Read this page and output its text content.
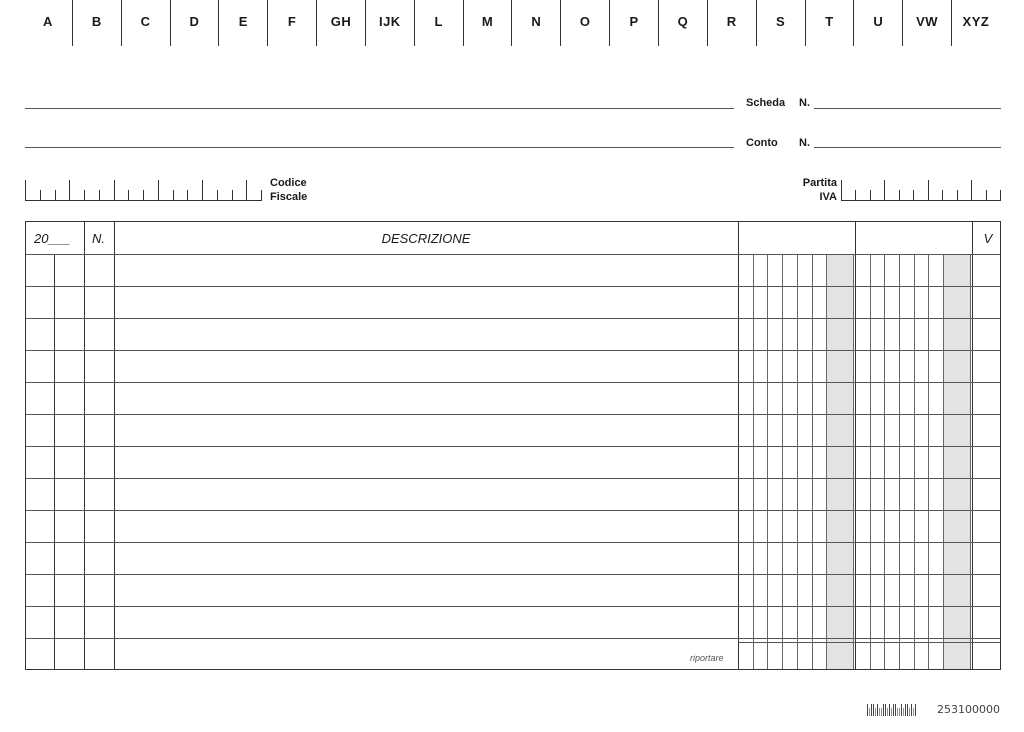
A	B	C	D	E	F	GH	IJK	L	M	N	O	P	Q	R	S	T	U	VW	XYZ
Scheda N.
Conto N.
Codice
Fiscale
Partita
IVA
20___	N.	DESCRIZIONE	V
riportare
253100000
